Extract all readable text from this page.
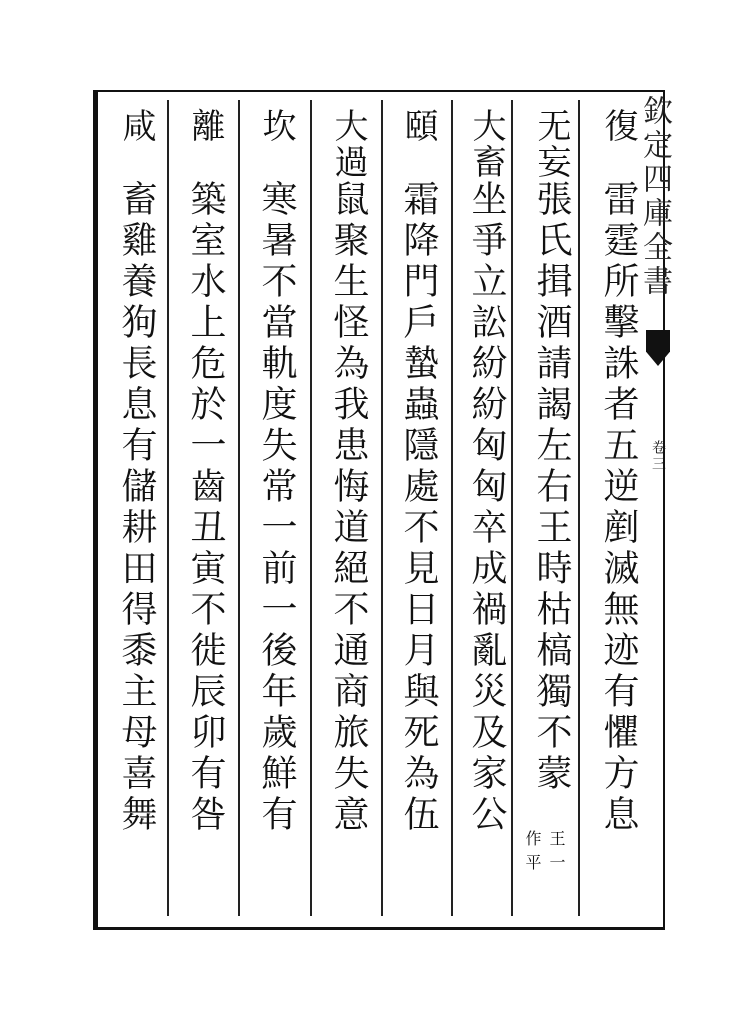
復
雷霆所擊誅者五逆剷滅無迹有懼方息
无妄
張氏揖酒請謁左右王時枯槁獨不蒙
王一
作平
大畜
坐爭立訟紛紛匈匈卒成禍亂災及家公
頤
霜降門戶蟄蟲隱處不見日月與死為伍
大過
鼠聚生怪為我患悔道絕不通商旅失意
坎
寒暑不當軌度失常一前一後年歲鮮有
離
築室水上危於一齒丑寅不徙辰卯有咎
咸
畜雞養狗長息有儲耕田得黍主母喜舞	欽定四庫全書
卷三
